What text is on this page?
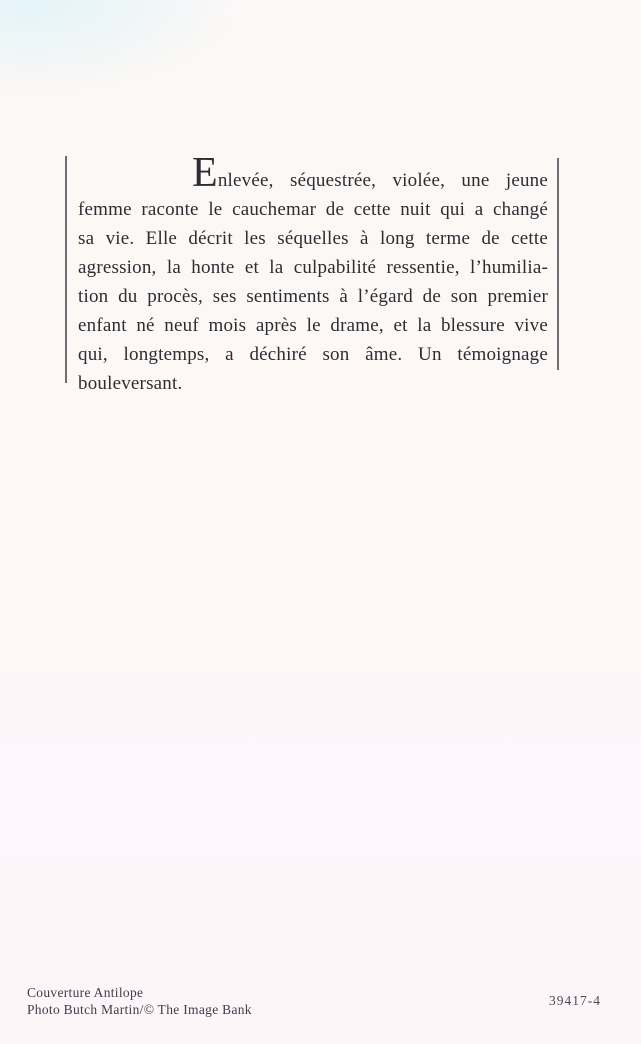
Enlevée, séquestrée, violée, une jeune
femme raconte le cauchemar de cette nuit qui a changé
sa vie. Elle décrit les séquelles à long terme de cette
agression, la honte et la culpabilité ressentie, l’humilia-
tion du procès, ses sentiments à l’égard de son premier
enfant né neuf mois après le drame, et la blessure vive
qui, longtemps, a déchiré son âme. Un témoignage
bouleversant.
Couverture Antilope
Photo Butch Martin/© The Image Bank
39417-4
